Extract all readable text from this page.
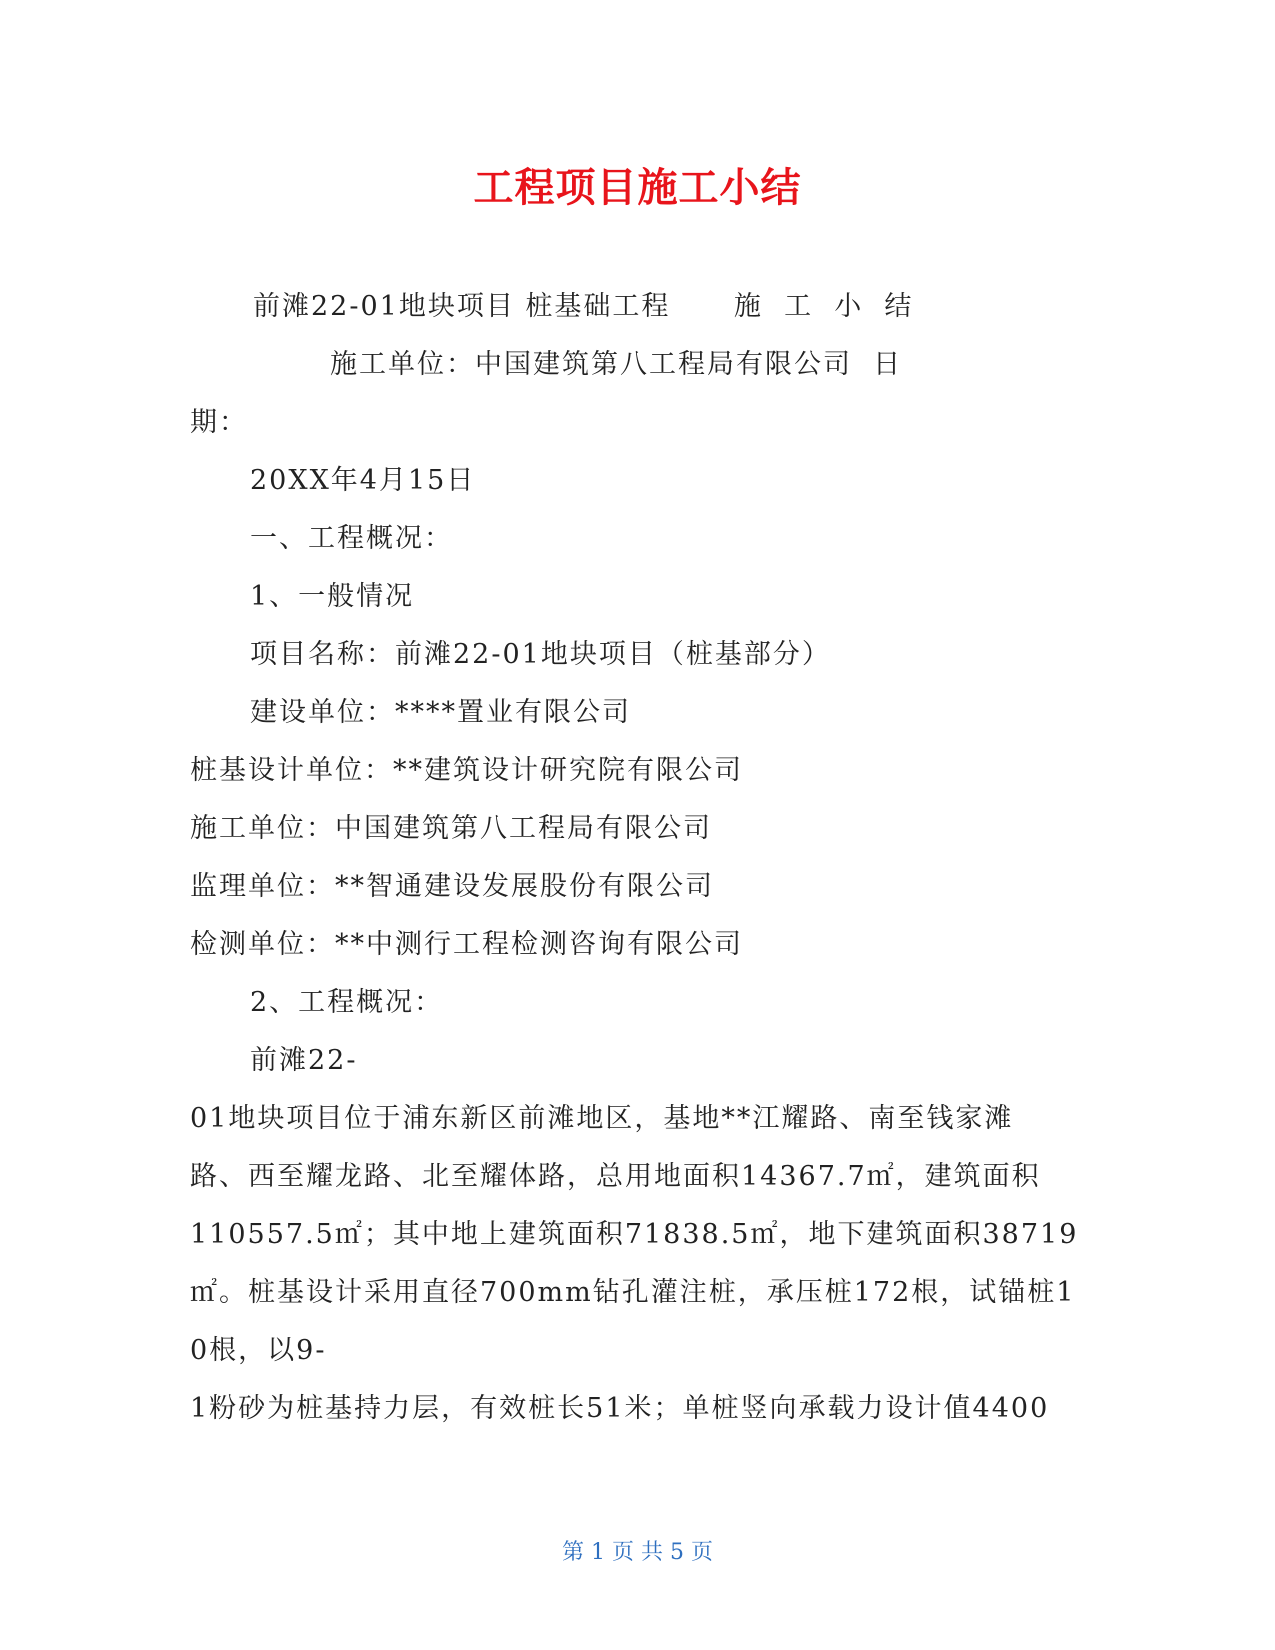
工程项目施工小结
前滩22-01地块项目 桩基础工程      施  工  小  结
施工单位：中国建筑第八工程局有限公司  日
期：
20XX年4月15日
一、工程概况：
1、一般情况
项目名称：前滩22-01地块项目（桩基部分）
建设单位：****置业有限公司
桩基设计单位：**建筑设计研究院有限公司
施工单位：中国建筑第八工程局有限公司
监理单位：**智通建设发展股份有限公司
检测单位：**中测行工程检测咨询有限公司
2、工程概况：
前滩22-
01地块项目位于浦东新区前滩地区，基地**江耀路、南至钱家滩
路、西至耀龙路、北至耀体路，总用地面积14367.7㎡，建筑面积
110557.5㎡；其中地上建筑面积71838.5㎡，地下建筑面积38719
㎡。桩基设计采用直径700mm钻孔灌注桩，承压桩172根，试锚桩1
0根，以9-
1粉砂为桩基持力层，有效桩长51米；单桩竖向承载力设计值4400
第 1 页 共 5 页
